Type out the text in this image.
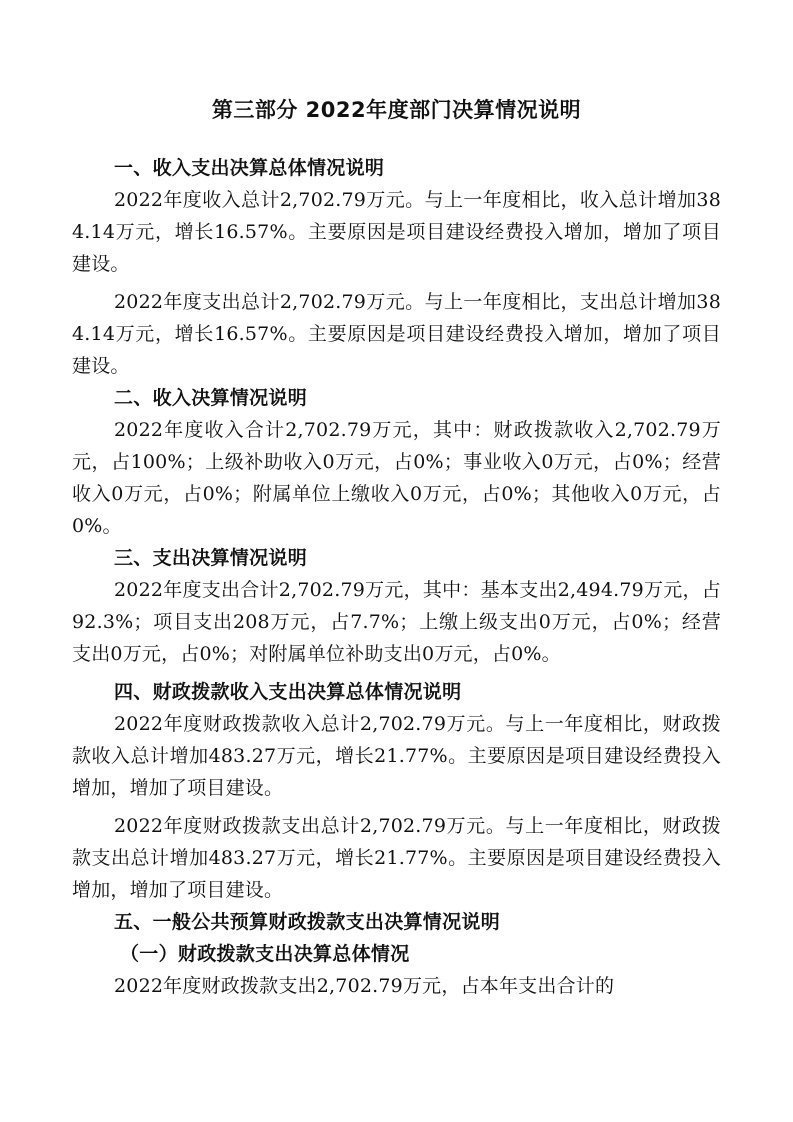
第三部分 2022年度部门决算情况说明
一、收入支出决算总体情况说明

2022年度收入总计2,702.79万元。与上一年度相比，收入总计增加384.14万元，增长16.57%。主要原因是项目建设经费投入增加，增加了项目建设。

2022年度支出总计2,702.79万元。与上一年度相比，支出总计增加384.14万元，增长16.57%。主要原因是项目建设经费投入增加，增加了项目建设。

二、收入决算情况说明

2022年度收入合计2,702.79万元，其中：财政拨款收入2,702.79万元，占100%；上级补助收入0万元，占0%；事业收入0万元，占0%；经营收入0万元，占0%；附属单位上缴收入0万元，占0%；其他收入0万元，占0%。

三、支出决算情况说明

2022年度支出合计2,702.79万元，其中：基本支出2,494.79万元，占92.3%；项目支出208万元，占7.7%；上缴上级支出0万元，占0%；经营支出0万元，占0%；对附属单位补助支出0万元，占0%。

四、财政拨款收入支出决算总体情况说明

2022年度财政拨款收入总计2,702.79万元。与上一年度相比，财政拨款收入总计增加483.27万元，增长21.77%。主要原因是项目建设经费投入增加，增加了项目建设。

2022年度财政拨款支出总计2,702.79万元。与上一年度相比，财政拨款支出总计增加483.27万元，增长21.77%。主要原因是项目建设经费投入增加，增加了项目建设。

五、一般公共预算财政拨款支出决算情况说明
（一）财政拨款支出决算总体情况

2022年度财政拨款支出2,702.79万元，占本年支出合计的
